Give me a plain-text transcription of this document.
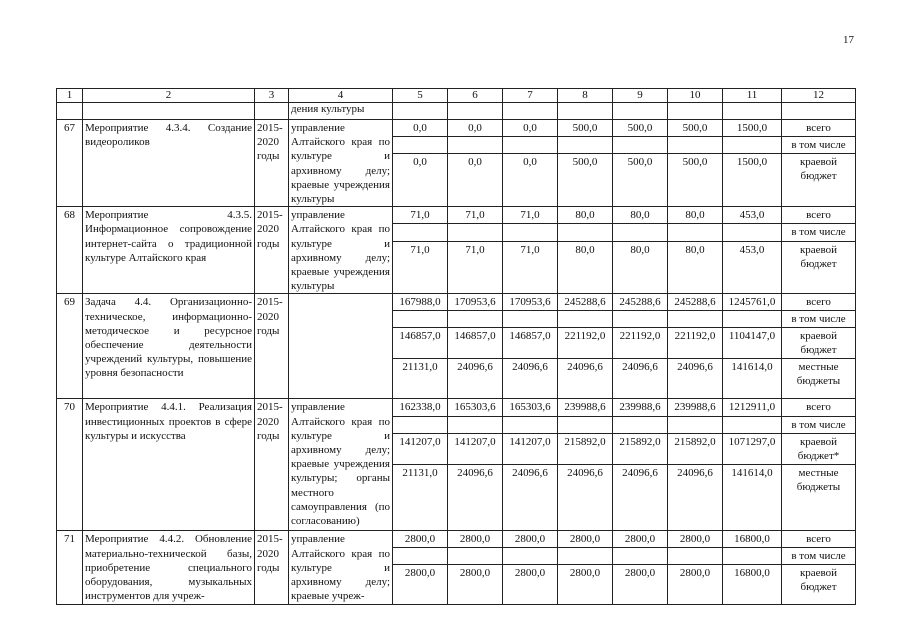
17
1	2	3	4	5	6	7	8	9	10	11	12
			дения культуры								
67	Мероприятие 4.3.4. Создание видеороликов	2015-2020 годы	управление Алтайского края по культуре и архивному делу; краевые учреждения культуры	0,0	0,0	0,0	500,0	500,0	500,0	1500,0	всего
											в том числе
				0,0	0,0	0,0	500,0	500,0	500,0	1500,0	краевой бюджет
68	Мероприятие 4.3.5. Информационное сопровождение интернет-сайта о традиционной культуре Алтайского края	2015-2020 годы	управление Алтайского края по культуре и архивному делу; краевые учреждения культуры	71,0	71,0	71,0	80,0	80,0	80,0	453,0	всего
											в том числе
				71,0	71,0	71,0	80,0	80,0	80,0	453,0	краевой бюджет
69	Задача 4.4. Организационно-техническое, информационно-методическое и ресурсное обеспечение деятельности учреждений культуры, повышение уровня безопасности	2015-2020 годы		167988,0	170953,6	170953,6	245288,6	245288,6	245288,6	1245761,0	всего
											в том числе
				146857,0	146857,0	146857,0	221192,0	221192,0	221192,0	1104147,0	краевой бюджет
				21131,0	24096,6	24096,6	24096,6	24096,6	24096,6	141614,0	местные бюджеты
70	Мероприятие 4.4.1. Реализация инвестиционных проектов в сфере культуры и искусства	2015-2020 годы	управление Алтайского края по культуре и архивному делу; краевые учреждения культуры; органы местного самоуправления (по согласованию)	162338,0	165303,6	165303,6	239988,6	239988,6	239988,6	1212911,0	всего
											в том числе
				141207,0	141207,0	141207,0	215892,0	215892,0	215892,0	1071297,0	краевой бюджет*
				21131,0	24096,6	24096,6	24096,6	24096,6	24096,6	141614,0	местные бюджеты
71	Мероприятие 4.4.2. Обновление материально-технической базы, приобретение специального оборудования, музыкальных инструментов для учреж-	2015-2020 годы	управление Алтайского края по культуре и архивному делу; краевые учреж-	2800,0	2800,0	2800,0	2800,0	2800,0	2800,0	16800,0	всего
											в том числе
				2800,0	2800,0	2800,0	2800,0	2800,0	2800,0	16800,0	краевой бюджет
